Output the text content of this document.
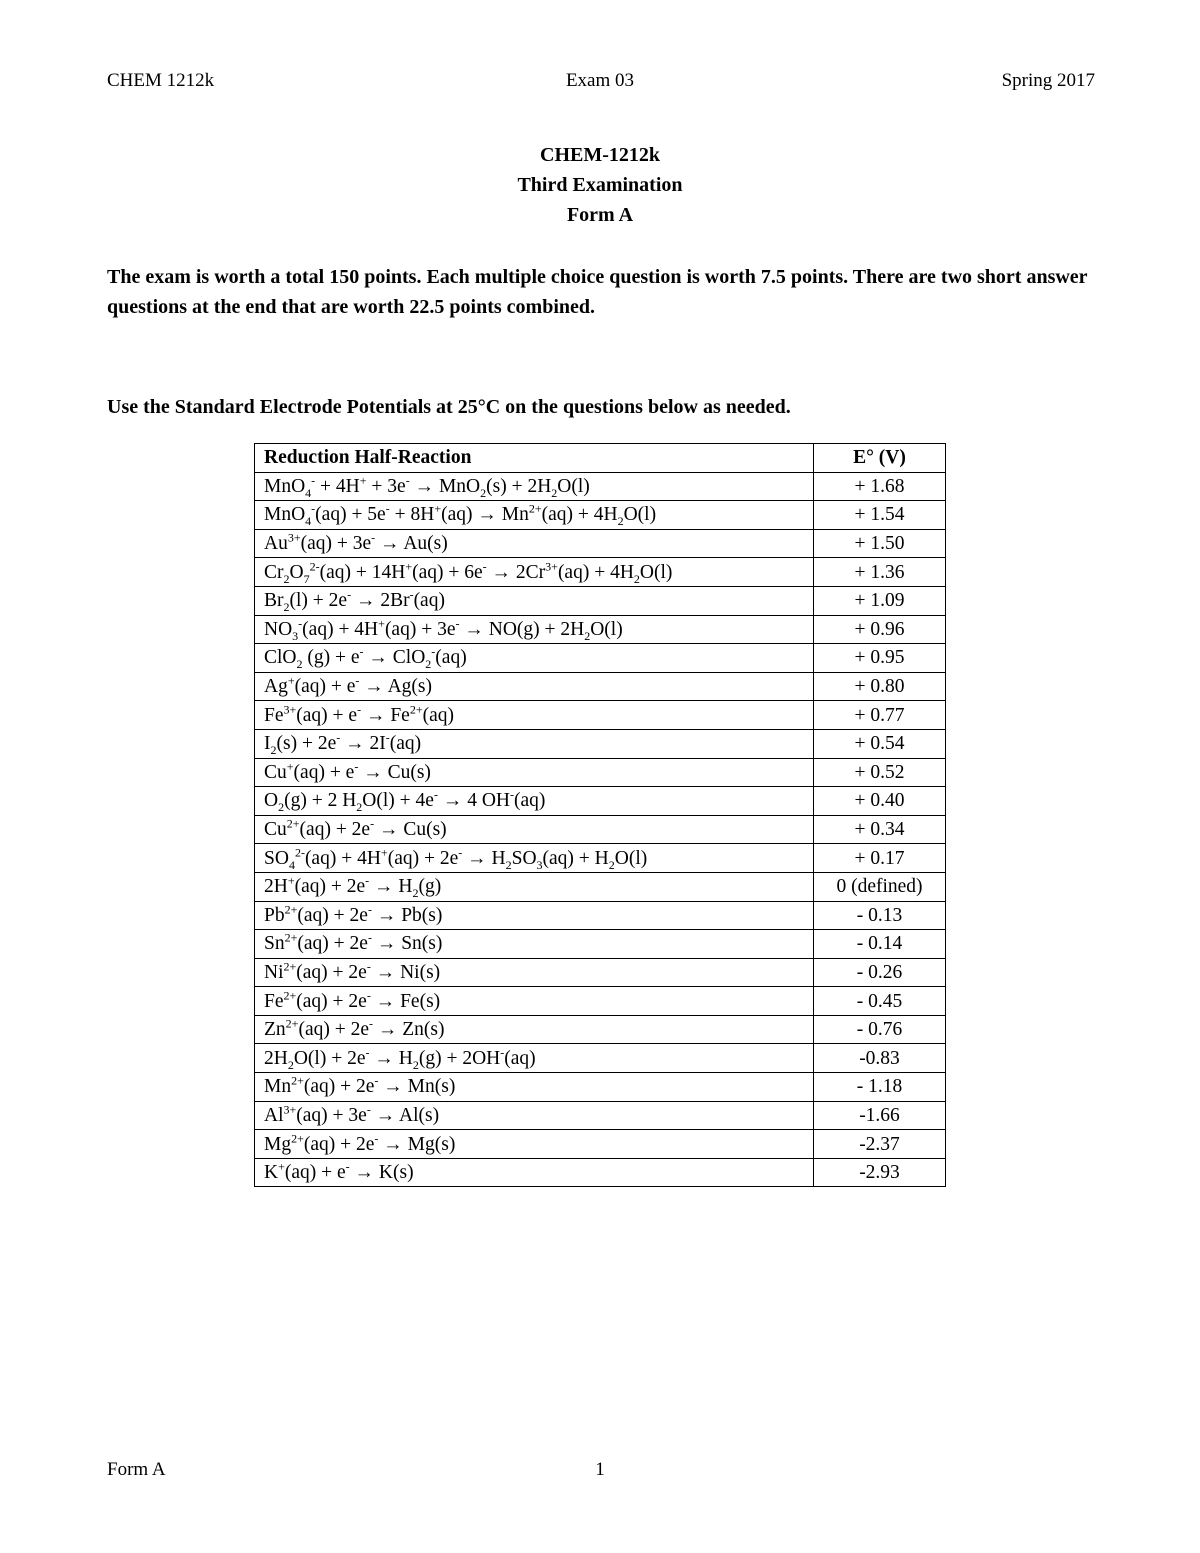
CHEM 1212k	Exam 03	Spring 2017
CHEM-1212k
Third Examination
Form A
The exam is worth a total 150 points. Each multiple choice question is worth 7.5 points. There are two short answer questions at the end that are worth 22.5 points combined.
Use the Standard Electrode Potentials at 25°C on the questions below as needed.
Reduction Half-Reaction	E° (V)
$MnO_4^- + 4H^+ + 3e^- \to MnO_2(s) + 2H_2O(l)$	+ 1.68
$MnO_4^-(aq) + 5e^- + 8H^+(aq) \to Mn^{2+}(aq) + 4H_2O(l)$	+ 1.54
$Au^{3+}(aq) + 3e^- \to Au(s)$	+ 1.50
$Cr_2O_7^{2-}(aq) + 14H^+(aq) + 6e^- \to 2Cr^{3+}(aq) + 4H_2O(l)$	+ 1.36
$Br_2(l) + 2e^- \to 2Br^-(aq)$	+ 1.09
$NO_3^-(aq) + 4H^+(aq) + 3e^- \to NO(g) + 2H_2O(l)$	+ 0.96
ClO$_2$ (g) + e- → ClO$_2$-(aq)	+ 0.95
Ag+(aq) + e- → Ag(s)	+ 0.80
$Fe^{3+}(aq) + e^- \to Fe^{2+}(aq)$	+ 0.77
$I_2(s) + 2e^- \to 2I^-(aq)$	+ 0.54
Cu+(aq) + e- → Cu(s)	+ 0.52
$O_2(g) + 2$ $H_2O(l) + 4e^- \to 4$ OH-(aq)	+ 0.40
$Cu^{2+}(aq) + 2e^- \to Cu(s)$	+ 0.34
$SO_4^{2-}(aq) + 4H^+(aq) + 2e^- \to H_2SO_3(aq) + H_2O(l)$	+ 0.17
$2H^+(aq) + 2e^- \to H_2(g)$	0 (defined)
$Pb^{2+}(aq) + 2e^- \to Pb(s)$	- 0.13
$Sn^{2+}(aq) + 2e^- \to Sn(s)$	- 0.14
$Ni^{2+}(aq) + 2e^- \to Ni(s)$	- 0.26
$Fe^{2+}(aq) + 2e^- \to Fe(s)$	- 0.45
$Zn^{2+}(aq) + 2e^- \to Zn(s)$	- 0.76
$2H_2O(l) + 2e^- \to H_2(g) + 2OH^-(aq)$	-0.83
$Mn^{2+}(aq) + 2e^- \to Mn(s)$	- 1.18
$Al^{3+}(aq) + 3e^- \to Al(s)$	-1.66
$Mg^{2+}(aq) + 2e^- \to Mg(s)$	-2.37
K+(aq) + e- → K(s)	-2.93
Form A	1
